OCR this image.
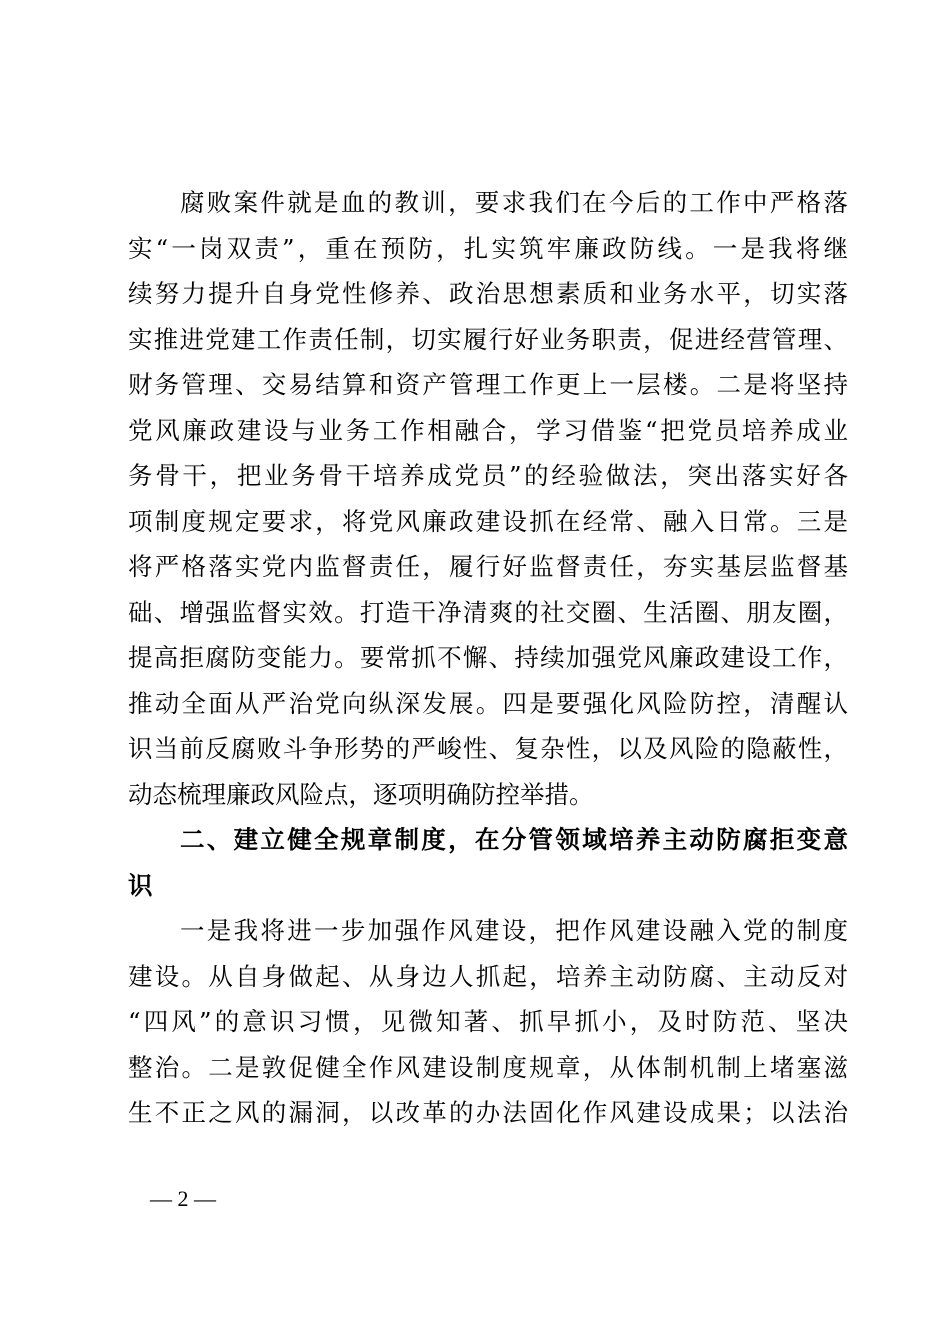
腐败案件就是血的教训，要求我们在今后的工作中严格落
实“一岗双责”，重在预防，扎实筑牢廉政防线。一是我将继
续努力提升自身党性修养、政治思想素质和业务水平，切实落
实推进党建工作责任制，切实履行好业务职责，促进经营管理、
财务管理、交易结算和资产管理工作更上一层楼。二是将坚持
党风廉政建设与业务工作相融合，学习借鉴“把党员培养成业
务骨干，把业务骨干培养成党员”的经验做法，突出落实好各
项制度规定要求，将党风廉政建设抓在经常、融入日常。三是
将严格落实党内监督责任，履行好监督责任，夯实基层监督基
础、增强监督实效。打造干净清爽的社交圈、生活圈、朋友圈，
提高拒腐防变能力。要常抓不懈、持续加强党风廉政建设工作，
推动全面从严治党向纵深发展。四是要强化风险防控，清醒认
识当前反腐败斗争形势的严峻性、复杂性，以及风险的隐蔽性，
动态梳理廉政风险点，逐项明确防控举措。
二、建立健全规章制度，在分管领域培养主动防腐拒变意
识
一是我将进一步加强作风建设，把作风建设融入党的制度
建设。从自身做起、从身边人抓起，培养主动防腐、主动反对
“四风”的意识习惯，见微知著、抓早抓小，及时防范、坚决
整治。二是敦促健全作风建设制度规章，从体制机制上堵塞滋
生不正之风的漏洞，以改革的办法固化作风建设成果；以法治
— 2 —
